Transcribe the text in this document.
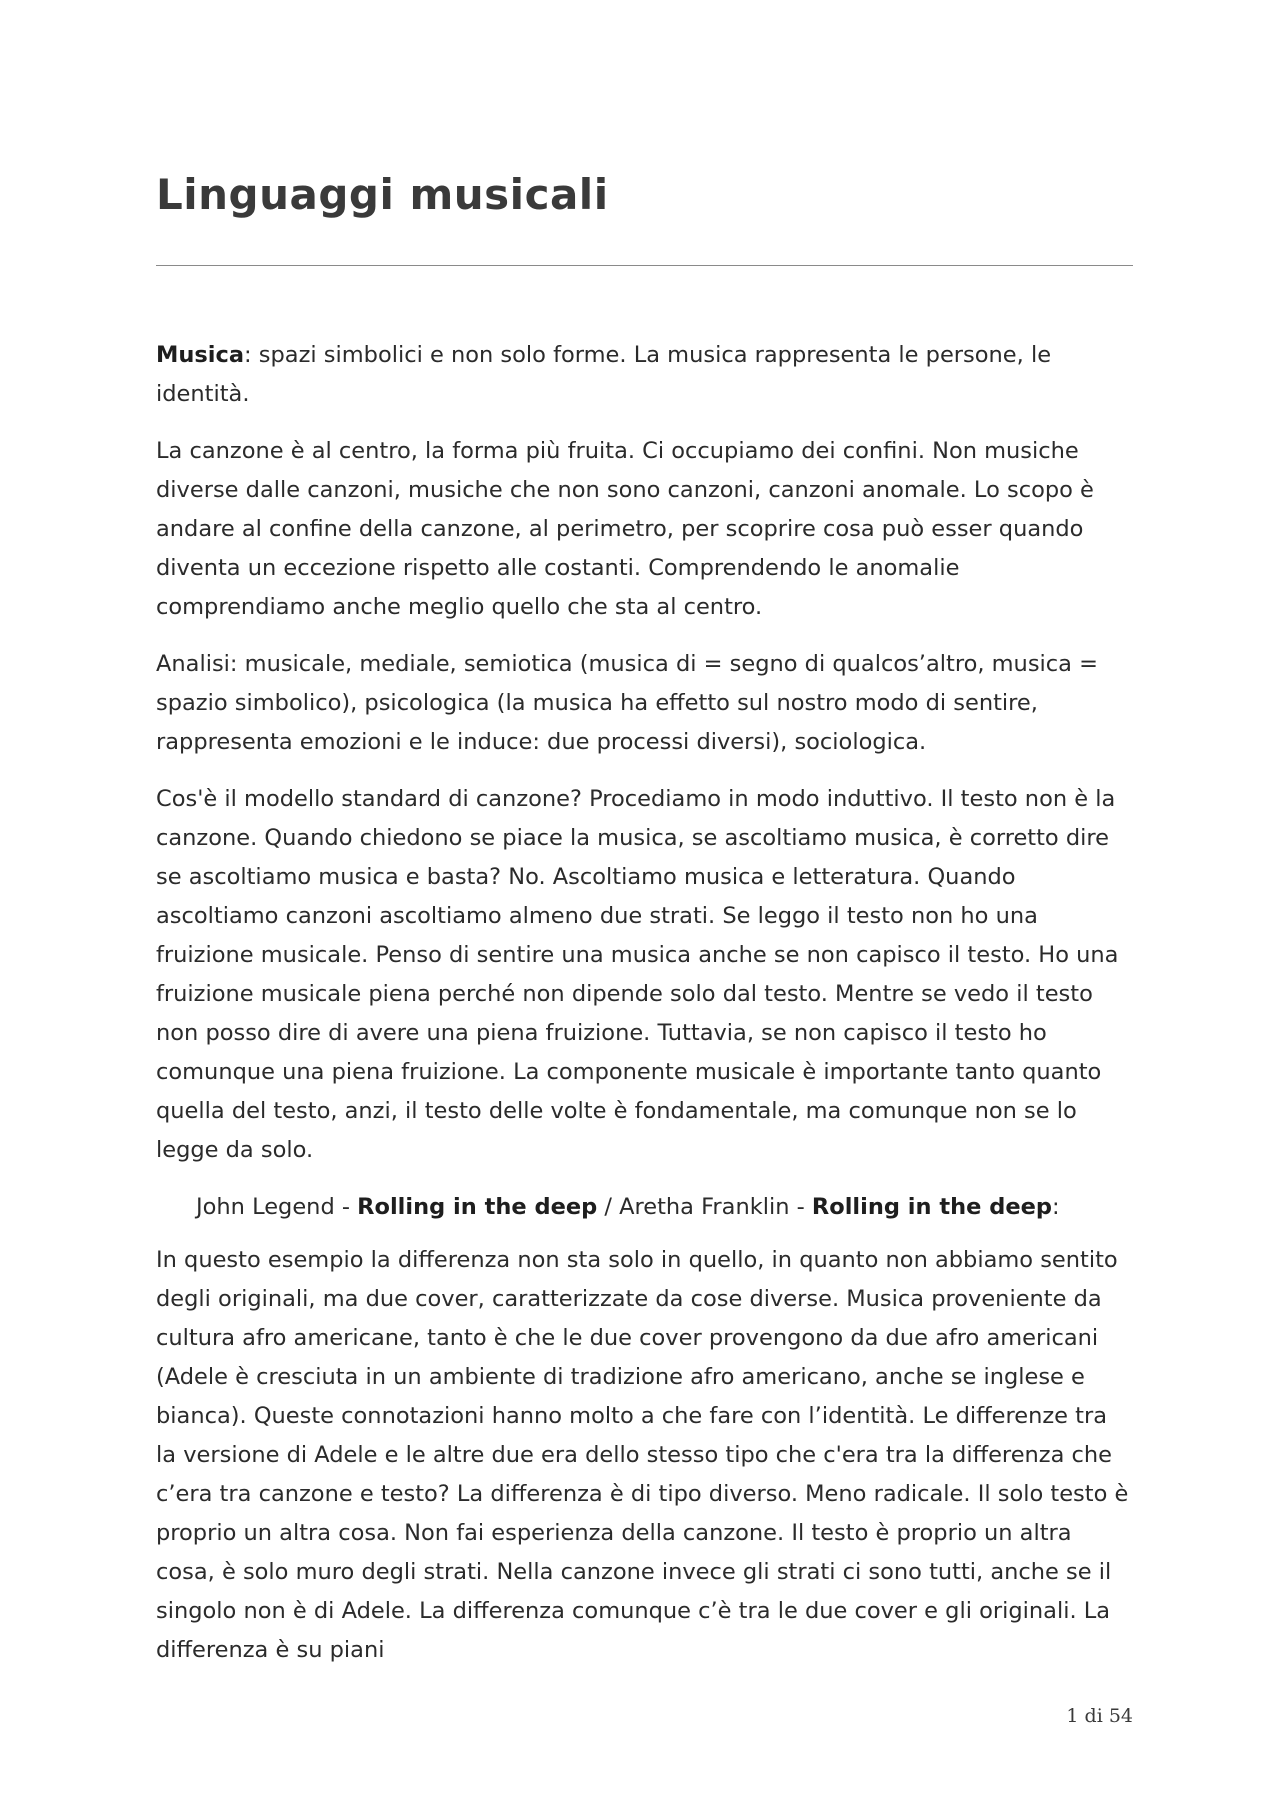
Linguaggi musicali

Musica: spazi simbolici e non solo forme. La musica rappresenta le persone, le identità.

La canzone è al centro, la forma più fruita. Ci occupiamo dei confini. Non musiche diverse dalle canzoni, musiche che non sono canzoni, canzoni anomale. Lo scopo è andare al confine della canzone, al perimetro, per scoprire cosa può esser quando diventa un eccezione rispetto alle costanti. Comprendendo le anomalie comprendiamo anche meglio quello che sta al centro.

Analisi: musicale, mediale, semiotica (musica di = segno di qualcos’altro, musica = spazio simbolico), psicologica (la musica ha effetto sul nostro modo di sentire, rappresenta emozioni e le induce: due processi diversi), sociologica.

Cos'è il modello standard di canzone? Procediamo in modo induttivo. Il testo non è la canzone. Quando chiedono se piace la musica, se ascoltiamo musica, è corretto dire se ascoltiamo musica e basta? No. Ascoltiamo musica e letteratura. Quando ascoltiamo canzoni ascoltiamo almeno due strati. Se leggo il testo non ho una fruizione musicale. Penso di sentire una musica anche se non capisco il testo. Ho una fruizione musicale piena perché non dipende solo dal testo. Mentre se vedo il testo non posso dire di avere una piena fruizione. Tuttavia, se non capisco il testo ho comunque una piena fruizione. La componente musicale è importante tanto quanto quella del testo, anzi, il testo delle volte è fondamentale, ma comunque non se lo legge da solo.

John Legend - Rolling in the deep / Aretha Franklin - Rolling in the deep:

In questo esempio la differenza non sta solo in quello, in quanto non abbiamo sentito degli originali, ma due cover, caratterizzate da cose diverse. Musica proveniente da cultura afro americane, tanto è che le due cover provengono da due afro americani (Adele è cresciuta in un ambiente di tradizione afro americano, anche se inglese e bianca). Queste connotazioni hanno molto a che fare con l’identità. Le differenze tra la versione di Adele e le altre due era dello stesso tipo che c'era tra la differenza che c’era tra canzone e testo? La differenza è di tipo diverso. Meno radicale. Il solo testo è proprio un altra cosa. Non fai esperienza della canzone. Il testo è proprio un altra cosa, è solo muro degli strati. Nella canzone invece gli strati ci sono tutti, anche se il singolo non è di Adele. La differenza comunque c’è tra le due cover e gli originali. La differenza è su piani

1 di 54
